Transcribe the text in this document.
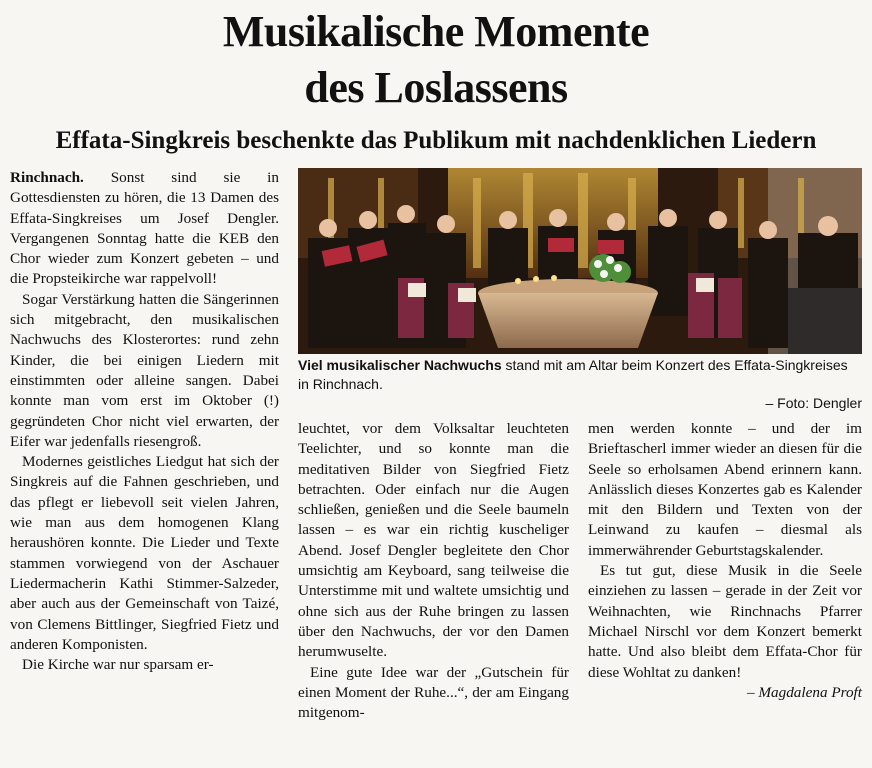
Musikalische Momente
des Loslassens
Effata-Singkreis beschenkte das Publikum mit nachdenklichen Liedern

Rinchnach. Sonst sind sie in Gottesdiensten zu hören, die 13 Damen des Effata-Singkreises um Josef Dengler. Vergangenen Sonntag hatte die KEB den Chor wieder zum Konzert gebeten – und die Propsteikirche war rappelvoll!

Sogar Verstärkung hatten die Sängerinnen sich mitgebracht, den musikalischen Nachwuchs des Klosterortes: rund zehn Kinder, die bei einigen Liedern mit einstimmten oder alleine sangen. Dabei konnte man vom erst im Oktober (!) gegründeten Chor nicht viel erwarten, der Eifer war jedenfalls riesengroß.

Modernes geistliches Liedgut hat sich der Singkreis auf die Fahnen geschrieben, und das pflegt er liebevoll seit vielen Jahren, wie man aus dem homogenen Klang heraushören konnte. Die Lieder und Texte stammen vorwiegend von der Aschauer Liedermacherin Kathi Stimmer-Salzeder, aber auch aus der Gemeinschaft von Taizé, von Clemens Bittlinger, Siegfried Fietz und anderen Komponisten.

Die Kirche war nur sparsam er-

Viel musikalischer Nachwuchs stand mit am Altar beim Konzert des Effata-Singkreises in Rinchnach.
– Foto: Dengler

leuchtet, vor dem Volksaltar leuchteten Teelichter, und so konnte man die meditativen Bilder von Siegfried Fietz betrachten. Oder einfach nur die Augen schließen, genießen und die Seele baumeln lassen – es war ein richtig kuscheliger Abend. Josef Dengler begleitete den Chor umsichtig am Keyboard, sang teilweise die Unterstimme mit und waltete umsichtig und ohne sich aus der Ruhe bringen zu lassen über den Nachwuchs, der vor den Damen herumwuselte.

Eine gute Idee war der „Gutschein für einen Moment der Ruhe...“, der am Eingang mitgenom-

men werden konnte – und der im Brieftascherl immer wieder an diesen für die Seele so erholsamen Abend erinnern kann. Anlässlich dieses Konzertes gab es Kalender mit den Bildern und Texten von der Leinwand zu kaufen – diesmal als immerwährender Geburtstagskalender.

Es tut gut, diese Musik in die Seele einziehen zu lassen – gerade in der Zeit vor Weihnachten, wie Rinchnachs Pfarrer Michael Nirschl vor dem Konzert bemerkt hatte. Und also bleibt dem Effata-Chor für diese Wohltat zu danken!

– Magdalena Proft
